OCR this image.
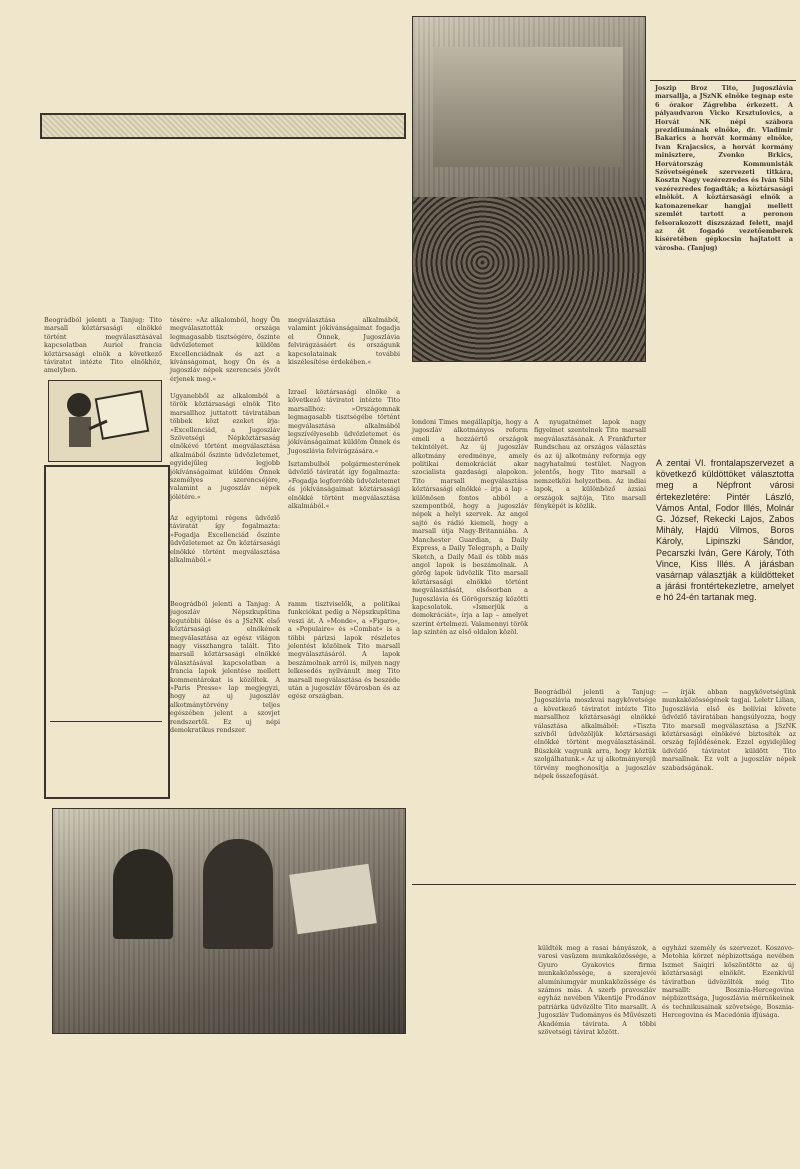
Beográdból jelenti a Tanjug: Tito marsall köztársasági elnökké történt megválasztásával kapcsolatban Auriol francia köztársasági elnök a következő táviratot intézte Tito elnökhöz, amelyben.
tésére: »Az alkalomból, hogy Ön megválasztották országa legmagasabb tisztségére, őszinte üdvözletemet küldöm Excellenciádnak és azt a kívánságomat, hogy Ön és a jugoszláv népek szerencsés jövőt érjenek meg.«
Ugyanebből az alkalomból a török köztársasági elnök Tito marsallhoz juttatott táviratában többek közt ezeket írja: »Excellenciád, a Jugoszláv Szövetségi Népköztársaság elnökévé történt megválasztása alkalmából őszinte üdvözletemet, egyidejűleg legjobb jókívánságaimat küldöm Önnek személyes szerencséjére, valamint a jugoszláv népek jólétére.«
Az egyiptomi régens üdvözlő táviratát így fogalmazta: »Fogadja Excellenciád őszinte üdvözletemet az Ön köztársasági elnökké történt megválasztása alkalmából.«
megválasztása alkalmából, valamint jókívánságaimat fogadja el Önnek, Jugoszlávia felvirágzásáért és országunk kapcsolatainak további kiszélesítése érdekében.«
Izrael köztársasági elnöke a következő táviratot intézte Tito marsallhoz: »Országomnak legmagasabb tisztségébe történt megválasztása alkalmából legszívélyesebb üdvözletemet és jókívánságaimat küldöm Önnek és Jugoszlávia felvirágzására.«
Isztambulból polgármesterének üdvözlő táviratát így fogalmazta: »Fogadja legforróbb üdvözletemet és jókívánságaimat köztársasági elnökké történt megválasztása alkalmából.«
Beográdból jelenti a Tanjug: A jugoszláv Népszkupština legutóbbi ülése és a JSzNK első köztársasági elnökének megválasztása az egész világon nagy visszhangra talált. Tito marsall köztársasági elnökké választásával kapcsolatban a francia lapok jelentése mellett kommentárokat is közöltek. A »Paris Presse« lap megjegyzi, hogy az uj jugoszláv alkotmánytörvény teljes egészében jelent a szovjet rendszertől. Ez uj népi demokratikus rendszer.
ramm tisztviselők, a politikai funkciókat pedig a Népszkupština veszi át. A »Monde«, a »Figaro«, a »Populaire« és »Combat« is a többi párizsi lapok részletes jelentést közölnek Tito marsall megválasztásáról. A lapok beszámolnak arról is, milyen nagy lelkesedés nyilvánult meg Tito marsall megválasztása és beszéde után a jugoszláv fővárosban és az egész országban.
londoni Times megállapítja, hogy a jugoszláv alkotmányos reform emeli a hozzáértő országok tekintélyét. Az új jugoszláv alkotmány eredménye, amely politikai demokráciát akar szocialista gazdasági alapokon. Tito marsall megválasztása köztársasági elnökké – írja a lap – különösen fontos abból a szempontból, hogy a jugoszláv népek a helyi szervek. Az angol sajtó és rádió kiemeli, hogy a marsall útja Nagy-Britanniába. A Manchester Guardian, a Daily Express, a Daily Telegraph, a Daily Sketch, a Daily Mail és több más angol lapok is beszámolnak. A görög lapok üdvözlik Tito marsall köztársasági elnökké történt megválasztását, elsősorban a Jugoszlávia és Görögország közötti kapcsolatok. »Ismerjük a demokráciát«, írja a lap – amelyet szerint értelmezi. Valamennyi török lap szintén az első oldalon közöl.
A nyugatnémet lapok nagy figyelmet szentelnek Tito marsall megválasztásának. A Frankfurter Rundschau az országos választás és az új alkotmány reformja egy nagyhatalmú testület. Nagyon jelentős, hogy Tito marsall a nemzetközi helyzetben. Az indiai lapok, a különböző ázsiai országok sajtója, Tito marsall fényképét is közlik.
Beográdból jelenti a Tanjug: Jugoszlávia moszkvai nagykövetsége a következő táviratot intézte Tito marsallhoz köztársasági elnökké választása alkalmából: »Tiszta szívből üdvözöljük köztársasági elnökké történt megválasztásánál. Büszkék vagyunk arra, hogy köztük szolgálhatunk.« Az uj alkotmányerejű törvény meghonosítja a jugoszláv népek összefogását.
— írják abban nagykövetségünk munkaközösségének tagjai. Leletr Lilian, Jugoszlávia első és bolíviai követe üdvözlő táviratában hangsúlyozza, hogy Tito marsall megválasztása a JSzNK köztársasági elnökévé biztosíték az ország fejlődésének. Ezzel egyidejűleg üdvözlő táviratot küldött Tito marsallnak. Ez volt a jugoszláv népek szabadságának.
Joszip Broz Tito, Jugoszlávia marsallja, a JSzNK elnöke tegnap este 6 órakor Zágrebba érkezett. A pályaudvaron Vicko Krsztulovics, a Horvát NK népi szábora prezidiumának elnöke, dr. Vladimir Bakarics a horvát kormány elnöke, Ivan Krajacsics, a horvát kormány minisztere, Zvonko Brkics, Horvátország Kommunisták Szövetségének szervezeti titkára, Kosztn Nagy vezérezredes és Iván Sibl vezérezredes fogadták; a köztársasági elnököt. A köztársasági elnök a katonazenekar hangjai mellett szemlét tartott a peronon felsorakozott díszszázad felett, majd az őt fogadó vezetőemberek kíséretében gépkocsin hajtatott a városba. (Tanjug)
A zentai VI. frontalapszervezet a következő küldöttöket választotta meg a Népfront városi értekezletére: Pintér László, Vámos Antal, Fodor Illés, Molnár G. József, Rekecki Lajos, Zabos Mihály, Hajdú Vilmos, Boros Károly, Lipinszki Sándor, Pecarszki Iván, Gere Károly, Tóth Vince, Kiss Illés. A járásban vasárnap választják a küldötteket a járási frontértekezletre, amelyet e hó 24-én tartanak meg.
küldték meg a rasai bányászok, a varesi vasüzem munkaközössége, a Gyuro Gyakovics firma munkaközössége, a szerajevói alumíniumgyár munkaközössége és számos más. A szerb pravoszláv egyház nevében Vikentije Prodánov patriárka üdvözölte Tito marsallt. A Jugoszláv Tudományos és Művészeti Akadémia távirata. A többi szövetségi távirat között.
egyházi személy és szervezet. Koszovo-Metohia körzet népbizottsága nevében Iszmet Saiqiri köszöntötte az új köztársasági elnököt. Ezenkívül táviratban üdvözölték még Tito marsallt: Bosznia-Hercegovina népbizottsága, Jugoszlávia mérnökeinek és technikusainak szövetsége, Bosznia-Hercegovina és Macedónia ifjúsága.
